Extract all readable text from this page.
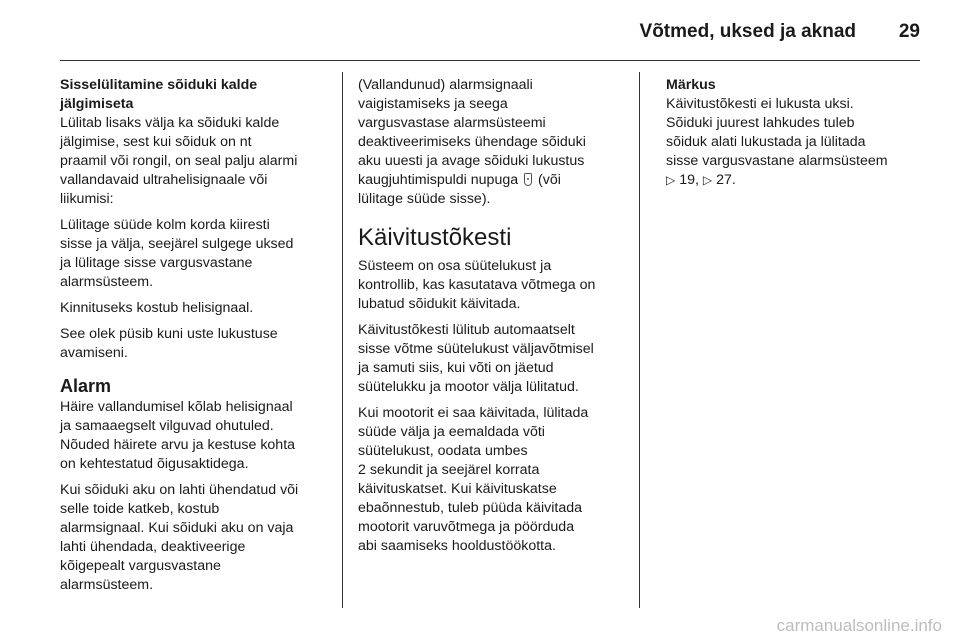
Võtmed, uksed ja aknad 29

Sisselülitamine sõiduki kalde
jälgimiseta

Lülitab lisaks välja ka sõiduki kalde
jälgimise, sest kui sõiduk on nt
praamil või rongil, on seal palju alarmi
vallandavaid ultrahelisignaale või
liikumisi:

Lülitage süüde kolm korda kiiresti
sisse ja välja, seejärel sulgege uksed
ja lülitage sisse vargusvastane
alarmsüsteem.

Kinnituseks kostub helisignaal.

See olek püsib kuni uste lukustuse
avamiseni.

Alarm

Häire vallandumisel kõlab helisignaal
ja samaaegselt vilguvad ohutuled.
Nõuded häirete arvu ja kestuse kohta
on kehtestatud õigusaktidega.

Kui sõiduki aku on lahti ühendatud või
selle toide katkeb, kostub
alarmsignaal. Kui sõiduki aku on vaja
lahti ühendada, deaktiveerige
kõigepealt vargusvastane
alarmsüsteem.

(Vallandunud) alarmsignaali
vaigistamiseks ja seega
vargusvastase alarmsüsteemi
deaktiveerimiseks ühendage sõiduki
aku uuesti ja avage sõiduki lukustus
kaugjuhtimispuldi nupuga (või
lülitage süüde sisse).

Käivitustõkesti

Süsteem on osa süütelukust ja
kontrollib, kas kasutatava võtmega on
lubatud sõidukit käivitada.

Käivitustõkesti lülitub automaatselt
sisse võtme süütelukust väljavõtmisel
ja samuti siis, kui võti on jäetud
süütelukku ja mootor välja lülitatud.

Kui mootorit ei saa käivitada, lülitada
süüde välja ja eemaldada võti
süütelukust, oodata umbes
2 sekundit ja seejärel korrata
käivituskatset. Kui käivituskatse
ebaõnnestub, tuleb püüda käivitada
mootorit varuvõtmega ja pöörduda
abi saamiseks hooldustöökotta.

Märkus
Käivitustõkesti ei lukusta uksi.
Sõiduki juurest lahkudes tuleb
sõiduk alati lukustada ja lülitada
sisse vargusvastane alarmsüsteem
▷ 19, ▷ 27.
carmanualsonline.info
